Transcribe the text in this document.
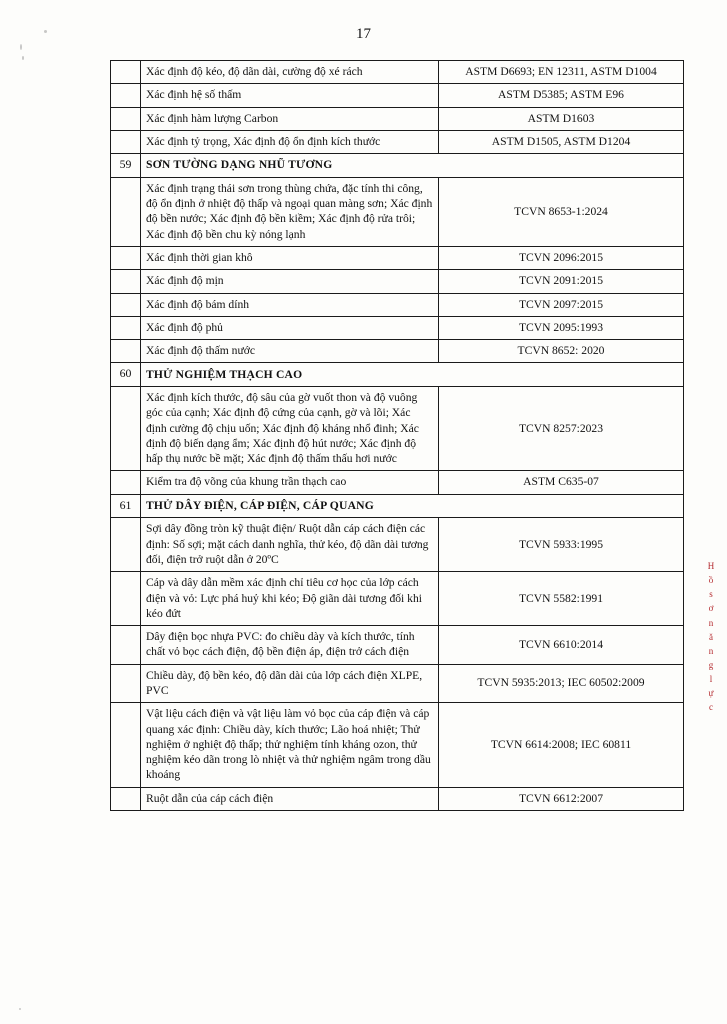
17
H
ồ
s
ơ
n
ă
n
g
l
ự
c
	Xác định độ kéo, độ dãn dài, cường độ xé rách	ASTM D6693; EN 12311, ASTM D1004
	Xác định hệ số thấm	ASTM D5385; ASTM E96
	Xác định hàm lượng Carbon	ASTM D1603
	Xác định tỷ trọng, Xác định độ ổn định kích thước	ASTM D1505, ASTM D1204
59	SƠN TƯỜNG DẠNG NHŨ TƯƠNG	
	Xác định trạng thái sơn trong thùng chứa, đặc tính thi công, độ ổn định ở nhiệt độ thấp và ngoại quan màng sơn; Xác định độ bền nước; Xác định độ bền kiềm; Xác định độ rửa trôi; Xác định độ bền chu kỳ nóng lạnh	TCVN 8653-1:2024
	Xác định thời gian khô	TCVN 2096:2015
	Xác định độ mịn	TCVN 2091:2015
	Xác định độ bám dính	TCVN 2097:2015
	Xác định độ phủ	TCVN 2095:1993
	Xác định độ thấm nước	TCVN 8652: 2020
60	THỬ NGHIỆM THẠCH CAO	
	Xác định kích thước, độ sâu của gờ vuốt thon và độ vuông góc của cạnh; Xác định độ cứng của cạnh, gờ và lõi; Xác định cường độ chịu uốn; Xác định độ kháng nhổ đinh; Xác định độ biến dạng ẩm; Xác định độ hút nước; Xác định độ hấp thụ nước bề mặt; Xác định độ thấm thấu hơi nước	TCVN 8257:2023
	Kiểm tra độ võng của khung trần thạch cao	ASTM C635-07
61	THỬ DÂY ĐIỆN, CÁP ĐIỆN, CÁP QUANG	
	Sợi dây đồng tròn kỹ thuật điện/ Ruột dẫn cáp cách điện các định: Số sợi; mặt cách danh nghĩa, thử kéo, độ dãn dài tương đối, điện trở ruột dẫn ở 20ºC	TCVN 5933:1995
	Cáp và dây dẫn mềm xác định chỉ tiêu cơ học của lớp cách điện và vỏ: Lực phá huỷ khi kéo; Độ giãn dài tương đối khi kéo đứt	TCVN 5582:1991
	Dây điện bọc nhựa PVC: đo chiều dày và kích thước, tính chất vỏ bọc cách điện, độ bền điện áp, điện trở cách điện	TCVN 6610:2014
	Chiều dày, độ bền kéo, độ dãn dài của lớp cách điện XLPE, PVC	TCVN 5935:2013; IEC 60502:2009
	Vật liệu cách điện và vật liệu làm vỏ bọc của cáp điện và cáp quang xác định: Chiều dày, kích thước; Lão hoá nhiệt; Thử nghiệm ở nghiệt độ thấp; thử nghiệm tính kháng ozon, thử nghiệm kéo dãn trong lò nhiệt và thử nghiệm ngâm trong dầu khoáng	TCVN 6614:2008; IEC 60811
	Ruột dẫn của cáp cách điện	TCVN 6612:2007
